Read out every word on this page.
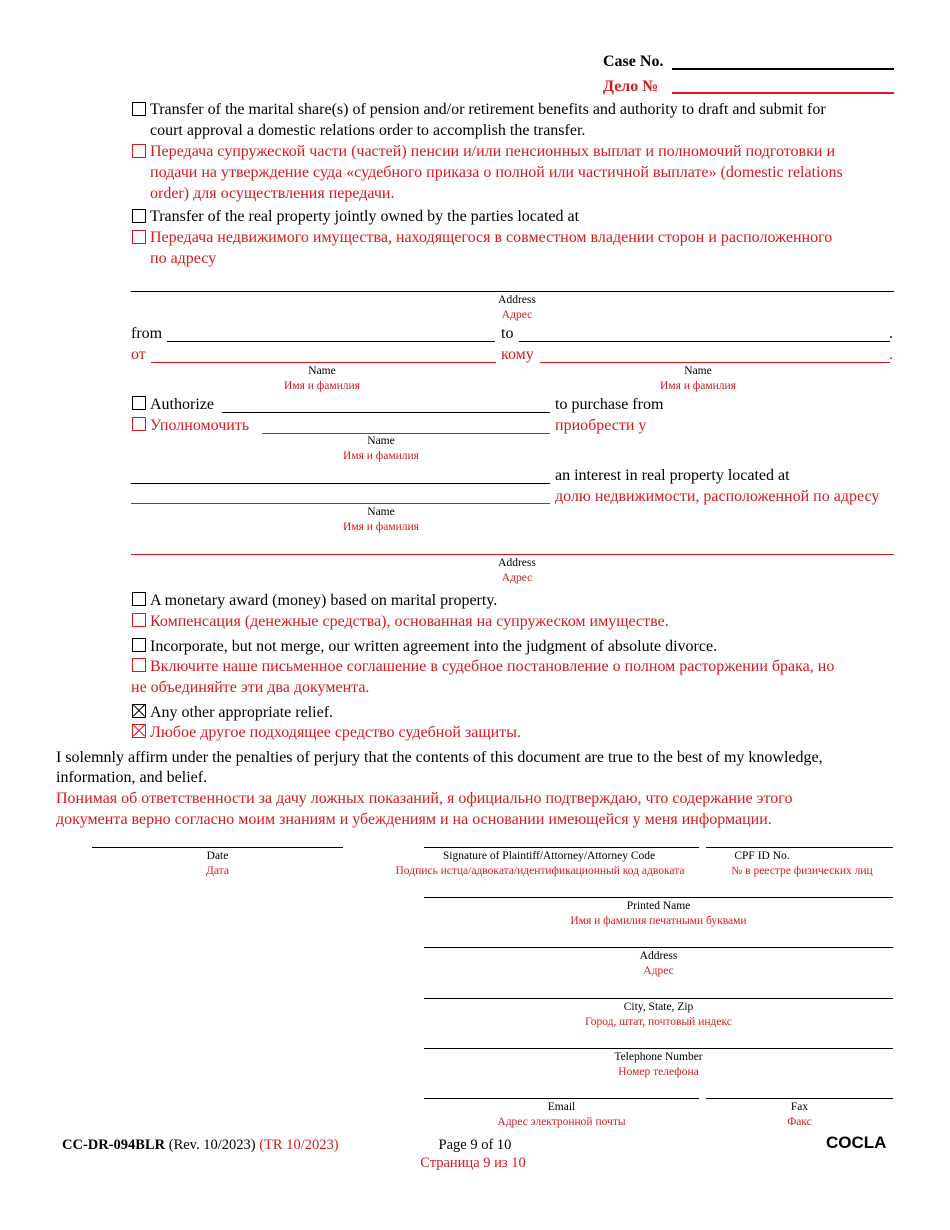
Case No.
Дело №
Transfer of the marital share(s) of pension and/or retirement benefits and authority to draft and submit for
court approval a domestic relations order to accomplish the transfer.
Передача супружеской части (частей) пенсии и/или пенсионных выплат и полномочий подготовки и
подачи на утверждение суда «судебного приказа о полной или частичной выплате» (domestic relations
order) для осуществления передачи.
Transfer of the real property jointly owned by the parties located at
Передача недвижимого имущества, находящегося в совместном владении сторон и расположенного
по адресу
Address
Адрес
from	to	.
от	кому	.
Name
Имя и фамилия
Name
Имя и фамилия
Authorize	to purchase from
Уполномочить	приобрести у
Name
Имя и фамилия
an interest in real property located at
долю недвижимости, расположенной по адресу
Name
Имя и фамилия
Address
Адрес
A monetary award (money) based on marital property.
Компенсация (денежные средства), основанная на супружеском имуществе.
Incorporate, but not merge, our written agreement into the judgment of absolute divorce.
Включите наше письменное соглашение в судебное постановление о полном расторжении брака, но
не объединяйте эти два документа.
Any other appropriate relief.
Любое другое подходящее средство судебной защиты.
I solemnly affirm under the penalties of perjury that the contents of this document are true to the best of my knowledge,
information, and belief.
Понимая об ответственности за дачу ложных показаний, я официально подтверждаю, что содержание этого
документа верно согласно моим знаниям и убеждениям и на основании имеющейся у меня информации.
Date
Дата
Signature of Plaintiff/Attorney/Attorney Code
Подпись истца/адвоката/идентификационный код адвоката
CPF ID No.
№ в реестре физических лиц
Printed Name
Имя и фамилия печатными буквами
Address
Адрес
City, State, Zip
Город, штат, почтовый индекс
Telephone Number
Номер телефона
Email
Адрес электронной почты
Fax
Факс
CC-DR-094BLR (Rev. 10/2023) (TR 10/2023)	Page 9 of 10
Страница 9 из 10
COCLA
